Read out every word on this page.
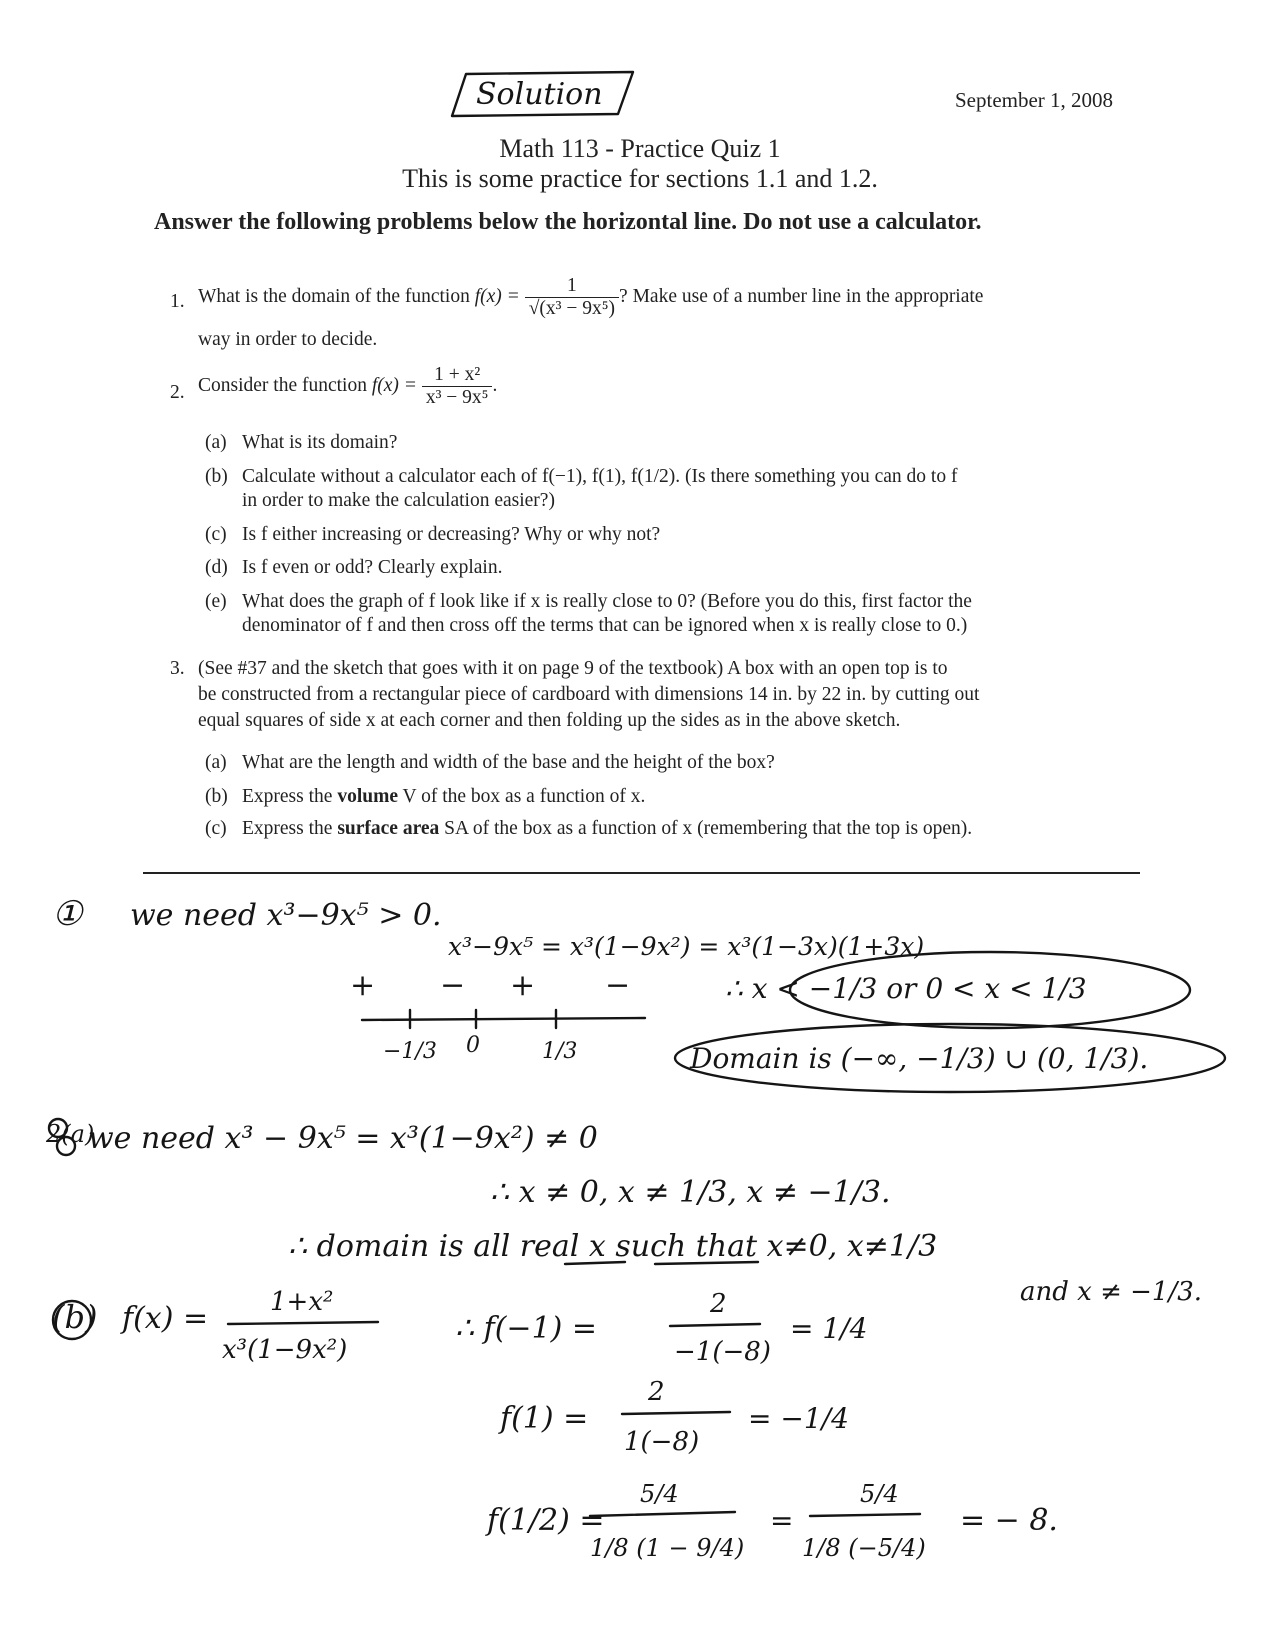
Solution	September 1, 2008
Math 113 - Practice Quiz 1
This is some practice for sections 1.1 and 1.2.
Answer the following problems below the horizontal line. Do not use a calculator.
1. What is the domain of the function $f(x) = \frac{1}{\text{√(x³ − 9x⁵)}}$ ? Make use of a number line in the appropriate
way in order to decide.
2. Consider the function $f(x) = \frac{\text{1 + x²}}{\text{x³ − 9x⁵}}$ .
(a) What is its domain?
(b) Calculate without a calculator each of f(−1), f(1), f(1/2). (Is there something you can do to f
in order to make the calculation easier?)
(c) Is f either increasing or decreasing? Why or why not?
(d) Is f even or odd? Clearly explain.
(e) What does the graph of f look like if x is really close to 0? (Before you do this, first factor the
denominator of f and then cross off the terms that can be ignored when x is really close to 0.)
3. (See #37 and the sketch that goes with it on page 9 of the textbook) A box with an open top is to
be constructed from a rectangular piece of cardboard with dimensions 14 in. by 22 in. by cutting out
equal squares of side x at each corner and then folding up the sides as in the above sketch.
(a) What are the length and width of the base and the height of the box?
(b) Express the volume V of the box as a function of x.
(c) Express the surface area SA of the box as a function of x (remembering that the top is open).
① we need x³−9x⁵ > 0.
x³−9x⁵ = x³(1−9x²) = x³(1−3x)(1+3x)
+ − + −
−1/3 0	1/3
∴ x < −1/3 or 0 < x < 1/3
Domain is (−∞, −1/3) ∪ (0, 1/3).
2(a)
we need x³ − 9x⁵ = x³(1−9x²) ≠ 0
∴ x ≠ 0, x ≠ 1/3, x ≠ −1/3.
∴ domain is all real x such that x≠0, x≠1/3
and x ≠ −1/3.
(b) f(x) = 1+x²
x³(1−9x²)
∴ f(−1) =
2
−1(−8)
= 1/4
f(1) =
2
1(−8)
= −1/4
f(1/2) =
5/4
1/8 (1 − 9/4)
=
5/4
1/8 (−5/4)
= − 8.
